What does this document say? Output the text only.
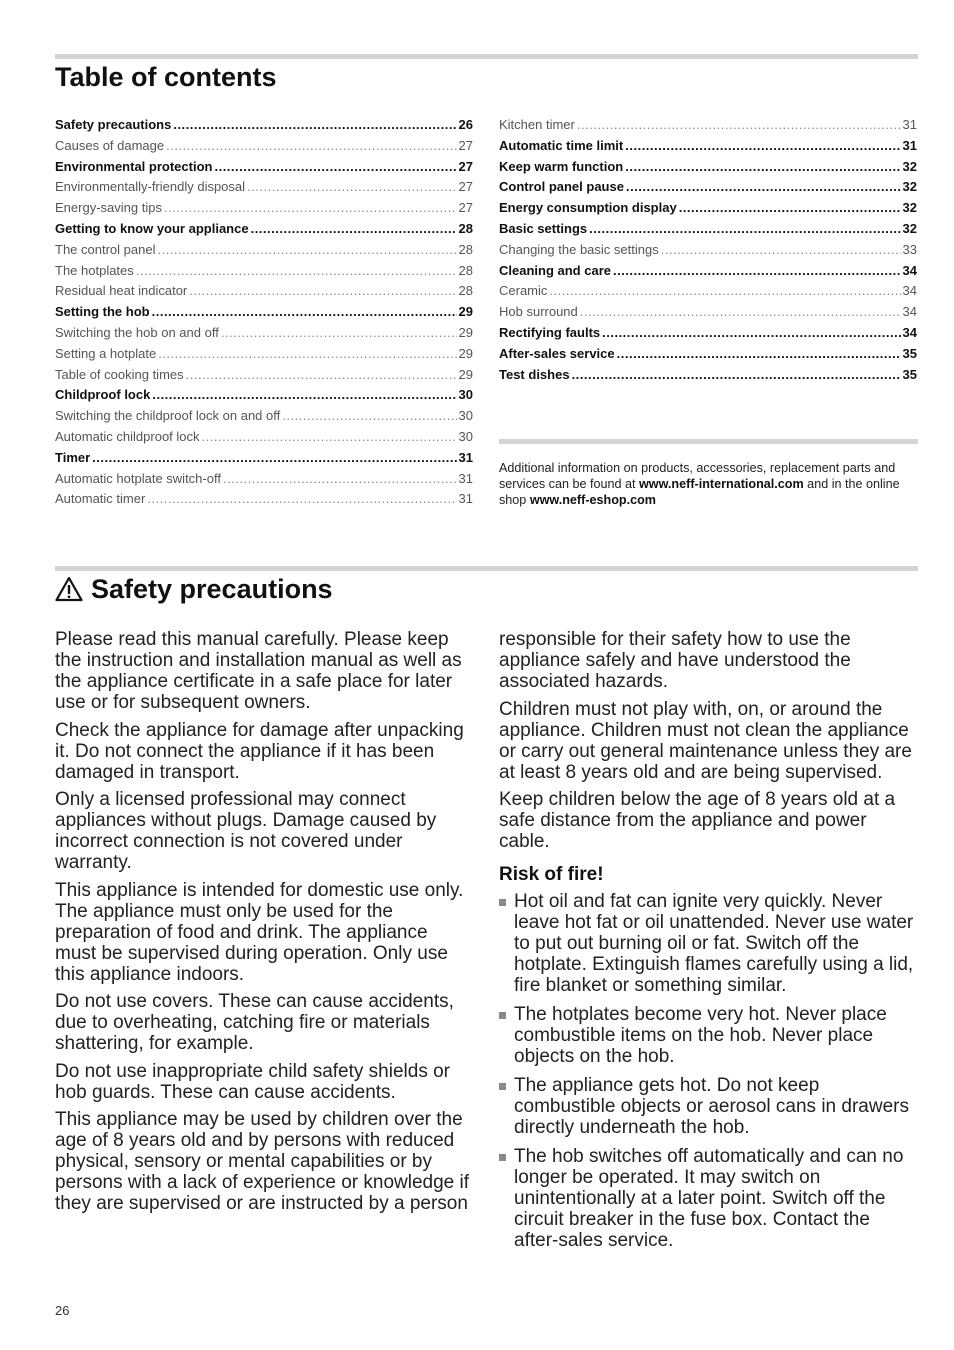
Table of contents
Safety precautions .....	26
Causes of damage .....	27
Environmental protection .....	27
Environmentally-friendly disposal .....	27
Energy-saving tips .....	27
Getting to know your appliance .....	28
The control panel .....	28
The hotplates .....	28
Residual heat indicator .....	28
Setting the hob .....	29
Switching the hob on and off .....	29
Setting a hotplate .....	29
Table of cooking times .....	29
Childproof lock .....	30
Switching the childproof lock on and off .....	30
Automatic childproof lock .....	30
Timer .....	31
Automatic hotplate switch-off .....	31
Automatic timer .....	31
Kitchen timer .....	31
Automatic time limit .....	31
Keep warm function .....	32
Control panel pause .....	32
Energy consumption display .....	32
Basic settings .....	32
Changing the basic settings .....	33
Cleaning and care .....	34
Ceramic .....	34
Hob surround .....	34
Rectifying faults .....	34
After-sales service .....	35
Test dishes .....	35
Additional information on products, accessories, replacement parts and services can be found at www.neff-international.com and in the online shop www.neff-eshop.com
Safety precautions

Please read this manual carefully. Please keep the instruction and installation manual as well as the appliance certificate in a safe place for later use or for subsequent owners.

Check the appliance for damage after unpacking it. Do not connect the appliance if it has been damaged in transport.

Only a licensed professional may connect appliances without plugs. Damage caused by incorrect connection is not covered under warranty.

This appliance is intended for domestic use only. The appliance must only be used for the preparation of food and drink. The appliance must be supervised during operation. Only use this appliance indoors.

Do not use covers. These can cause accidents, due to overheating, catching fire or materials shattering, for example.

Do not use inappropriate child safety shields or hob guards. These can cause accidents.

This appliance may be used by children over the age of 8 years old and by persons with reduced physical, sensory or mental capabilities or by persons with a lack of experience or knowledge if they are supervised or are instructed by a person

responsible for their safety how to use the appliance safely and have understood the associated hazards.

Children must not play with, on, or around the appliance. Children must not clean the appliance or carry out general maintenance unless they are at least 8 years old and are being supervised.

Keep children below the age of 8 years old at a safe distance from the appliance and power cable.

Risk of fire!
Hot oil and fat can ignite very quickly. Never leave hot fat or oil unattended. Never use water to put out burning oil or fat. Switch off the hotplate. Extinguish flames carefully using a lid, fire blanket or something similar.
The hotplates become very hot. Never place combustible items on the hob. Never place objects on the hob.
The appliance gets hot. Do not keep combustible objects or aerosol cans in drawers directly underneath the hob.
The hob switches off automatically and can no longer be operated. It may switch on unintentionally at a later point. Switch off the circuit breaker in the fuse box. Contact the after-sales service.
26
